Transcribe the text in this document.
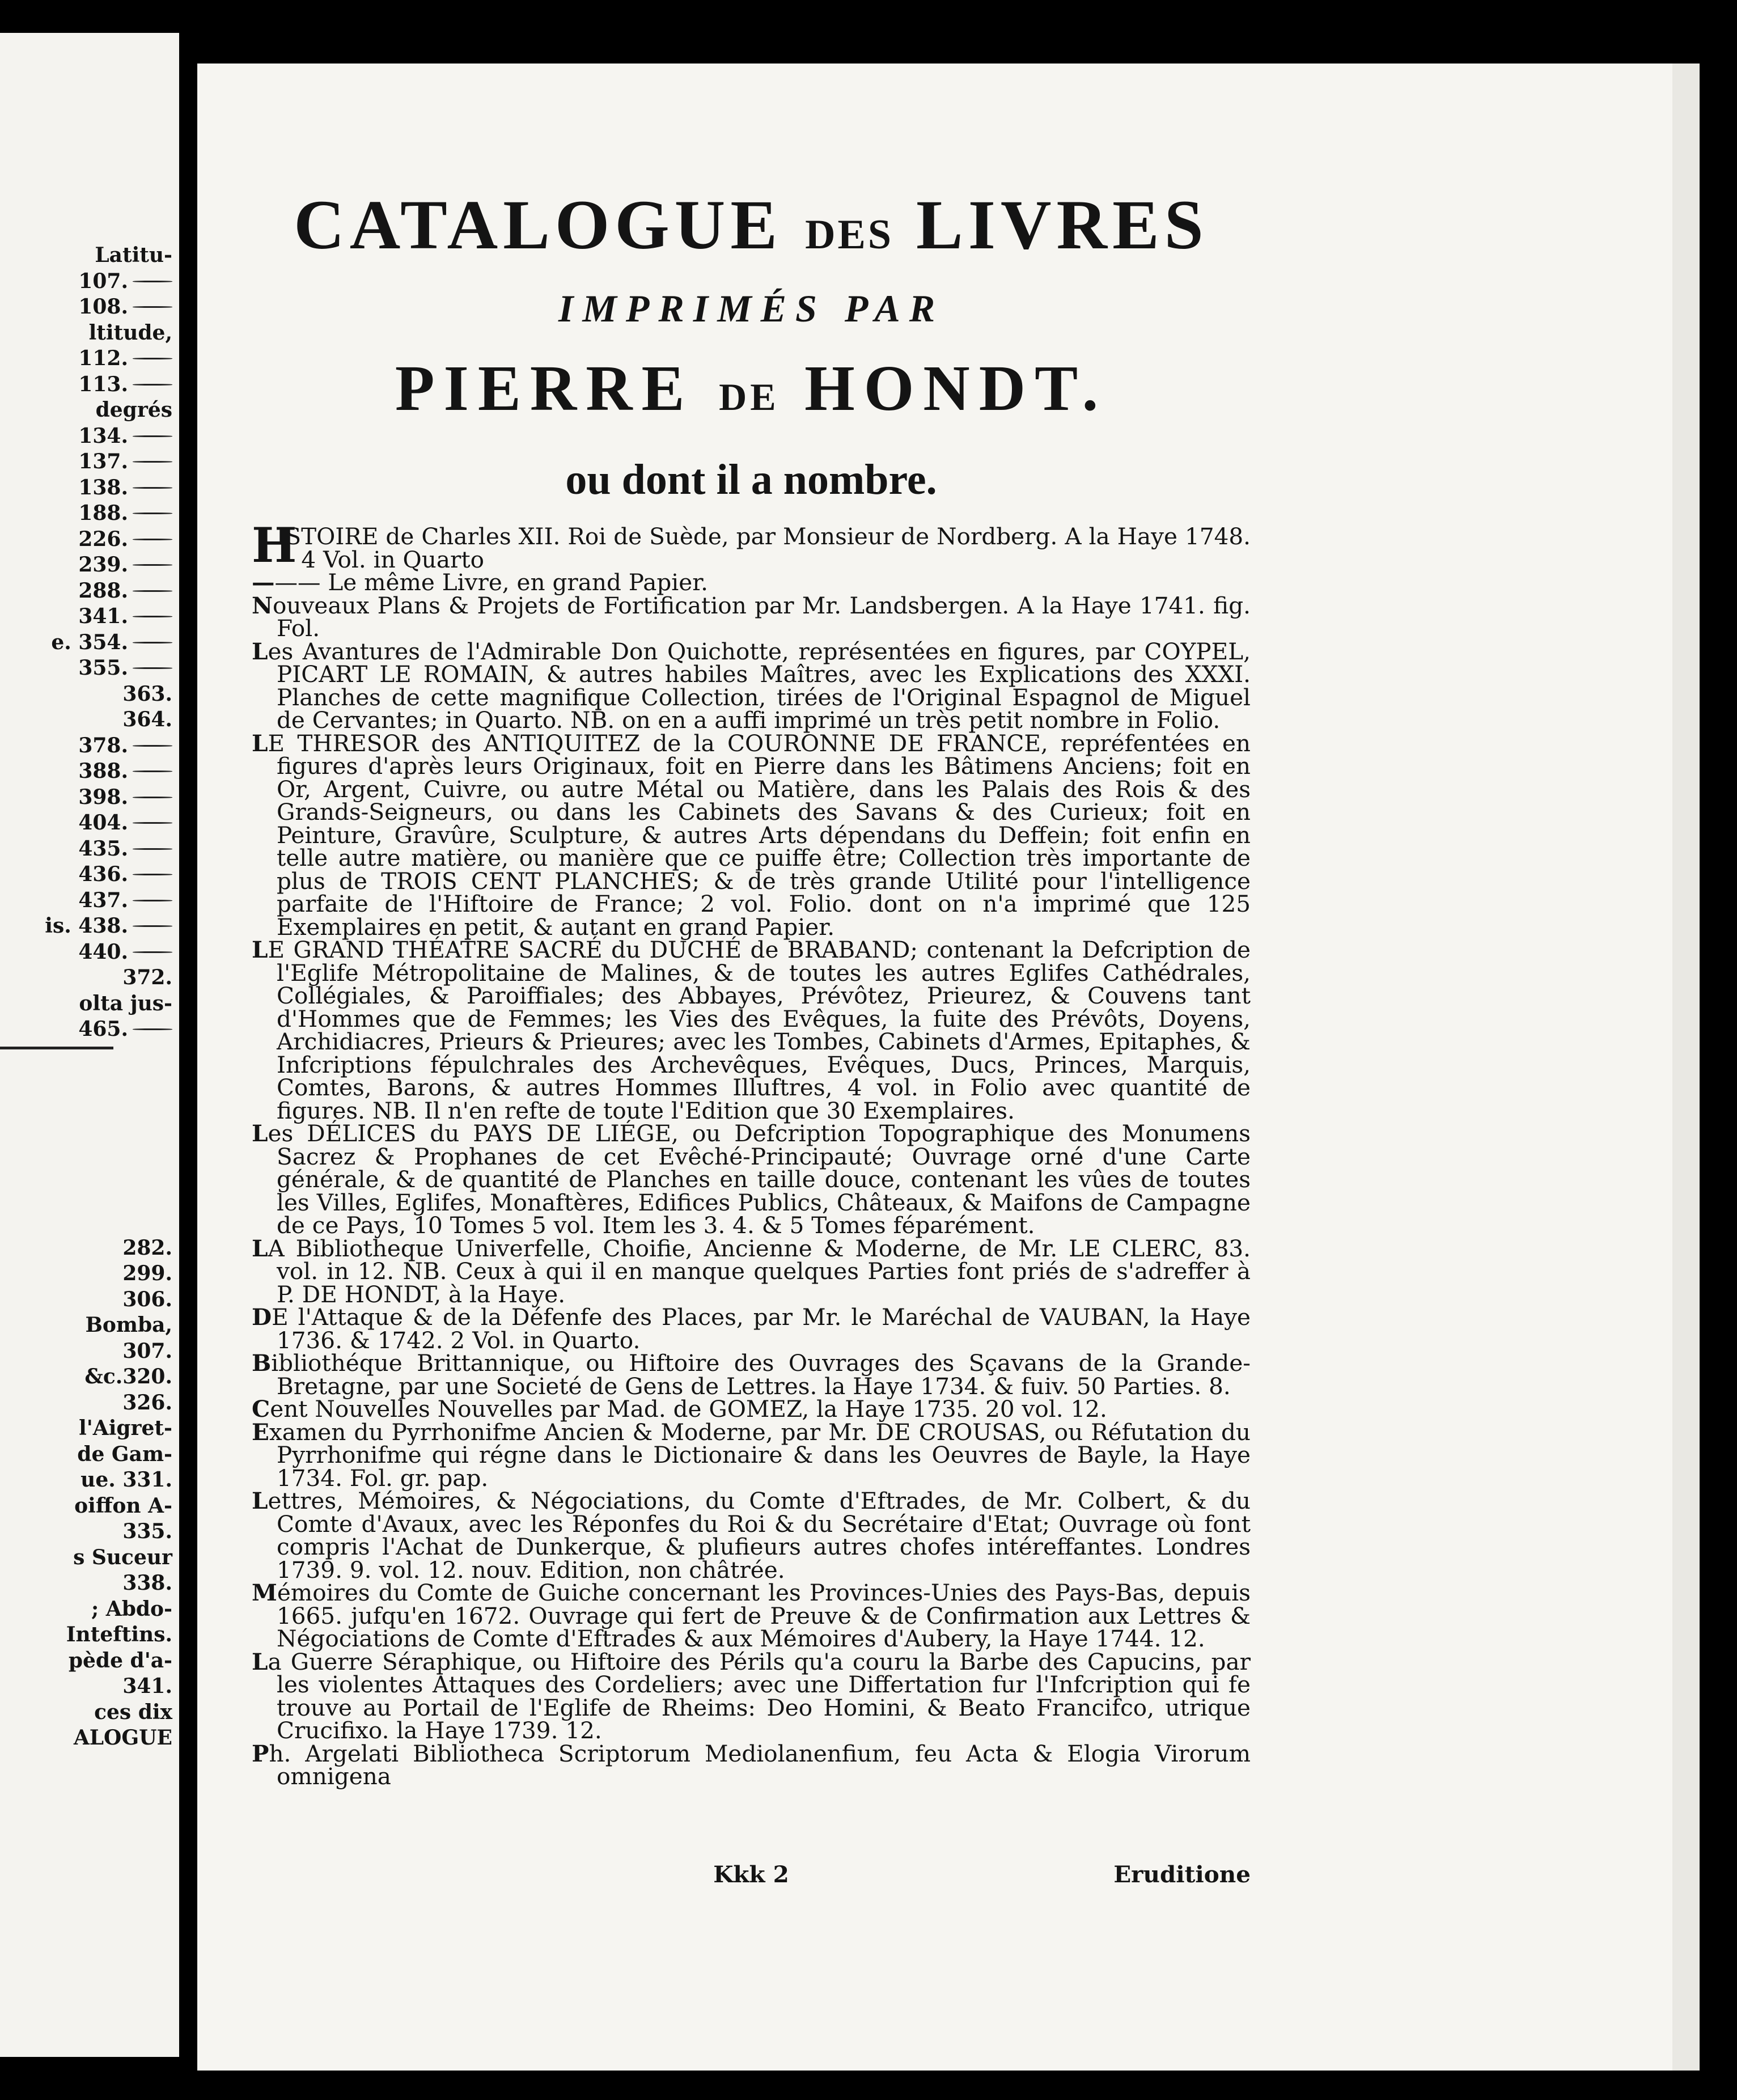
Latitu-
107.
108.
ltitude,
112.
113.
degrés
134.
137.
138.
188.
226.
239.
288.
341.
e. 354.
355.
363.
364.
378.
388.
398.
404.
435.
436.
437.
is. 438.
440.
372.
olta jus-
465.
282.
299.
306.
Bomba,
307.
&c.320.
326.
l'Aigret-
de Gam-
ue. 331.
oiffon A-
335.
s Suceur
338.
; Abdo-
Inteftins.
pède d'a-
341.
ces dix
ALOGUE

CATALOGUE DES LIVRES

IMPRIMÉS PAR

PIERRE DE HONDT.

ou dont il a nombre.

HISTOIRE de Charles XII. Roi de Suède, par Monsieur de Nordberg. A la Haye 1748. 4 Vol. in Quarto

——— Le même Livre, en grand Papier.

Nouveaux Plans & Projets de Fortification par Mr. Landsbergen. A la Haye 1741. fig. Fol.

Les Avantures de l'Admirable Don Quichotte, représentées en figures, par COYPEL, PICART LE ROMAIN, & autres habiles Maîtres, avec les Explications des XXXI. Planches de cette magnifique Collection, tirées de l'Original Espagnol de Miguel de Cervantes; in Quarto. NB. on en a auffi imprimé un très petit nombre in Folio.

LE THRESOR des ANTIQUITEZ de la COURONNE DE FRANCE, repréfentées en figures d'après leurs Originaux, foit en Pierre dans les Bâtimens Anciens; foit en Or, Argent, Cuivre, ou autre Métal ou Matière, dans les Palais des Rois & des Grands-Seigneurs, ou dans les Cabinets des Savans & des Curieux; foit en Peinture, Gravûre, Sculpture, & autres Arts dépendans du Deffein; foit enfin en telle autre matière, ou manière que ce puiffe être; Collection très importante de plus de TROIS CENT PLANCHES; & de très grande Utilité pour l'intelligence parfaite de l'Hiftoire de France; 2 vol. Folio. dont on n'a imprimé que 125 Exemplaires en petit, & autant en grand Papier.

LE GRAND THÉATRE SACRÉ du DUCHÉ de BRABAND; contenant la Defcription de l'Eglife Métropolitaine de Malines, & de toutes les autres Eglifes Cathédrales, Collégiales, & Paroiffiales; des Abbayes, Prévôtez, Prieurez, & Couvens tant d'Hommes que de Femmes; les Vies des Evêques, la fuite des Prévôts, Doyens, Archidiacres, Prieurs & Prieures; avec les Tombes, Cabinets d'Armes, Epitaphes, & Infcriptions fépulchrales des Archevêques, Evêques, Ducs, Princes, Marquis, Comtes, Barons, & autres Hommes Illuftres, 4 vol. in Folio avec quantité de figures. NB. Il n'en refte de toute l'Edition que 30 Exemplaires.

Les DÉLICES du PAYS DE LIÉGE, ou Defcription Topographique des Monumens Sacrez & Prophanes de cet Evêché-Principauté; Ouvrage orné d'une Carte générale, & de quantité de Planches en taille douce, contenant les vûes de toutes les Villes, Eglifes, Monaftères, Edifices Publics, Châteaux, & Maifons de Campagne de ce Pays, 10 Tomes 5 vol. Item les 3. 4. & 5 Tomes féparément.

LA Bibliotheque Univerfelle, Choifie, Ancienne & Moderne, de Mr. LE CLERC, 83. vol. in 12. NB. Ceux à qui il en manque quelques Parties font priés de s'adreffer à P. DE HONDT, à la Haye.

DE l'Attaque & de la Défenfe des Places, par Mr. le Maréchal de VAUBAN, la Haye 1736. & 1742. 2 Vol. in Quarto.

Bibliothéque Brittannique, ou Hiftoire des Ouvrages des Sçavans de la Grande-Bretagne, par une Societé de Gens de Lettres. la Haye 1734. & fuiv. 50 Parties. 8.

Cent Nouvelles Nouvelles par Mad. de GOMEZ, la Haye 1735. 20 vol. 12.

Examen du Pyrrhonifme Ancien & Moderne, par Mr. DE CROUSAS, ou Réfutation du Pyrrhonifme qui régne dans le Dictionaire & dans les Oeuvres de Bayle, la Haye 1734. Fol. gr. pap.

Lettres, Mémoires, & Négociations, du Comte d'Eftrades, de Mr. Colbert, & du Comte d'Avaux, avec les Réponfes du Roi & du Secrétaire d'Etat; Ouvrage où font compris l'Achat de Dunkerque, & plufieurs autres chofes intéreffantes. Londres 1739. 9. vol. 12. nouv. Edition, non châtrée.

Mémoires du Comte de Guiche concernant les Provinces-Unies des Pays-Bas, depuis 1665. jufqu'en 1672. Ouvrage qui fert de Preuve & de Confirmation aux Lettres & Négociations de Comte d'Eftrades & aux Mémoires d'Aubery, la Haye 1744. 12.

La Guerre Séraphique, ou Hiftoire des Périls qu'a couru la Barbe des Capucins, par les violentes Attaques des Cordeliers; avec une Differtation fur l'Infcription qui fe trouve au Portail de l'Eglife de Rheims: Deo Homini, & Beato Francifco, utrique Crucifixo. la Haye 1739. 12.

Ph. Argelati Bibliotheca Scriptorum Mediolanenfium, feu Acta & Elogia Virorum omnigena

Kkk 2	Eruditione
